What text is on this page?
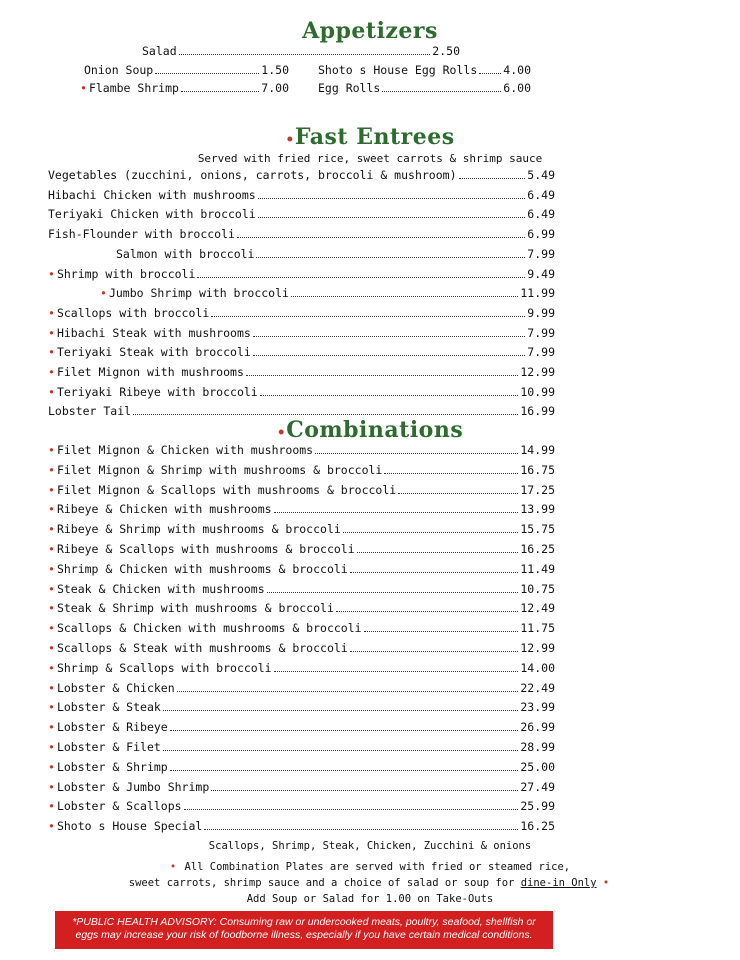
Appetizers
Salad	2.50
Onion Soup	1.50	Shoto s House Egg Rolls 4.00
• Flambe Shrimp	7.00	Egg Rolls	6.00
•Fast Entrees
Served with fried rice, sweet carrots & shrimp sauce
Vegetables (zucchini, onions, carrots, broccoli & mushroom)	5.49
Hibachi Chicken with mushrooms	6.49
Teriyaki Chicken with broccoli	6.49
Fish-Flounder with broccoli	6.99
Salmon with broccoli	7.99
• Shrimp with broccoli	9.49
• Jumbo Shrimp with broccoli	11.99
• Scallops with broccoli	9.99
• Hibachi Steak with mushrooms	7.99
• Teriyaki Steak with broccoli	7.99
• Filet Mignon with mushrooms	12.99
• Teriyaki Ribeye with broccoli	10.99
Lobster Tail	16.99
•Combinations
• Filet Mignon & Chicken with mushrooms	14.99
• Filet Mignon & Shrimp with mushrooms & broccoli	16.75
• Filet Mignon & Scallops with mushrooms & broccoli	17.25
• Ribeye & Chicken with mushrooms	13.99
• Ribeye & Shrimp with mushrooms & broccoli	15.75
• Ribeye & Scallops with mushrooms & broccoli	16.25
• Shrimp & Chicken with mushrooms & broccoli	11.49
• Steak & Chicken with mushrooms	10.75
• Steak & Shrimp with mushrooms & broccoli	12.49
• Scallops & Chicken with mushrooms & broccoli	11.75
• Scallops & Steak with mushrooms & broccoli	12.99
• Shrimp & Scallops with broccoli	14.00
• Lobster & Chicken	22.49
• Lobster & Steak	23.99
• Lobster & Ribeye	26.99
• Lobster & Filet	28.99
• Lobster & Shrimp	25.00
• Lobster & Jumbo Shrimp	27.49
• Lobster & Scallops	25.99
• Shoto s House Special	16.25
Scallops, Shrimp, Steak, Chicken, Zucchini & onions
• All Combination Plates are served with fried or steamed rice,
sweet carrots, shrimp sauce and a choice of salad or soup for dine-in Only •
Add Soup or Salad for 1.00 on Take-Outs
*PUBLIC HEALTH ADVISORY: Consuming raw or undercooked meats, poultry, seafood, shellfish or eggs may increase your risk of foodborne illness, especially if you have certain medical conditions.
